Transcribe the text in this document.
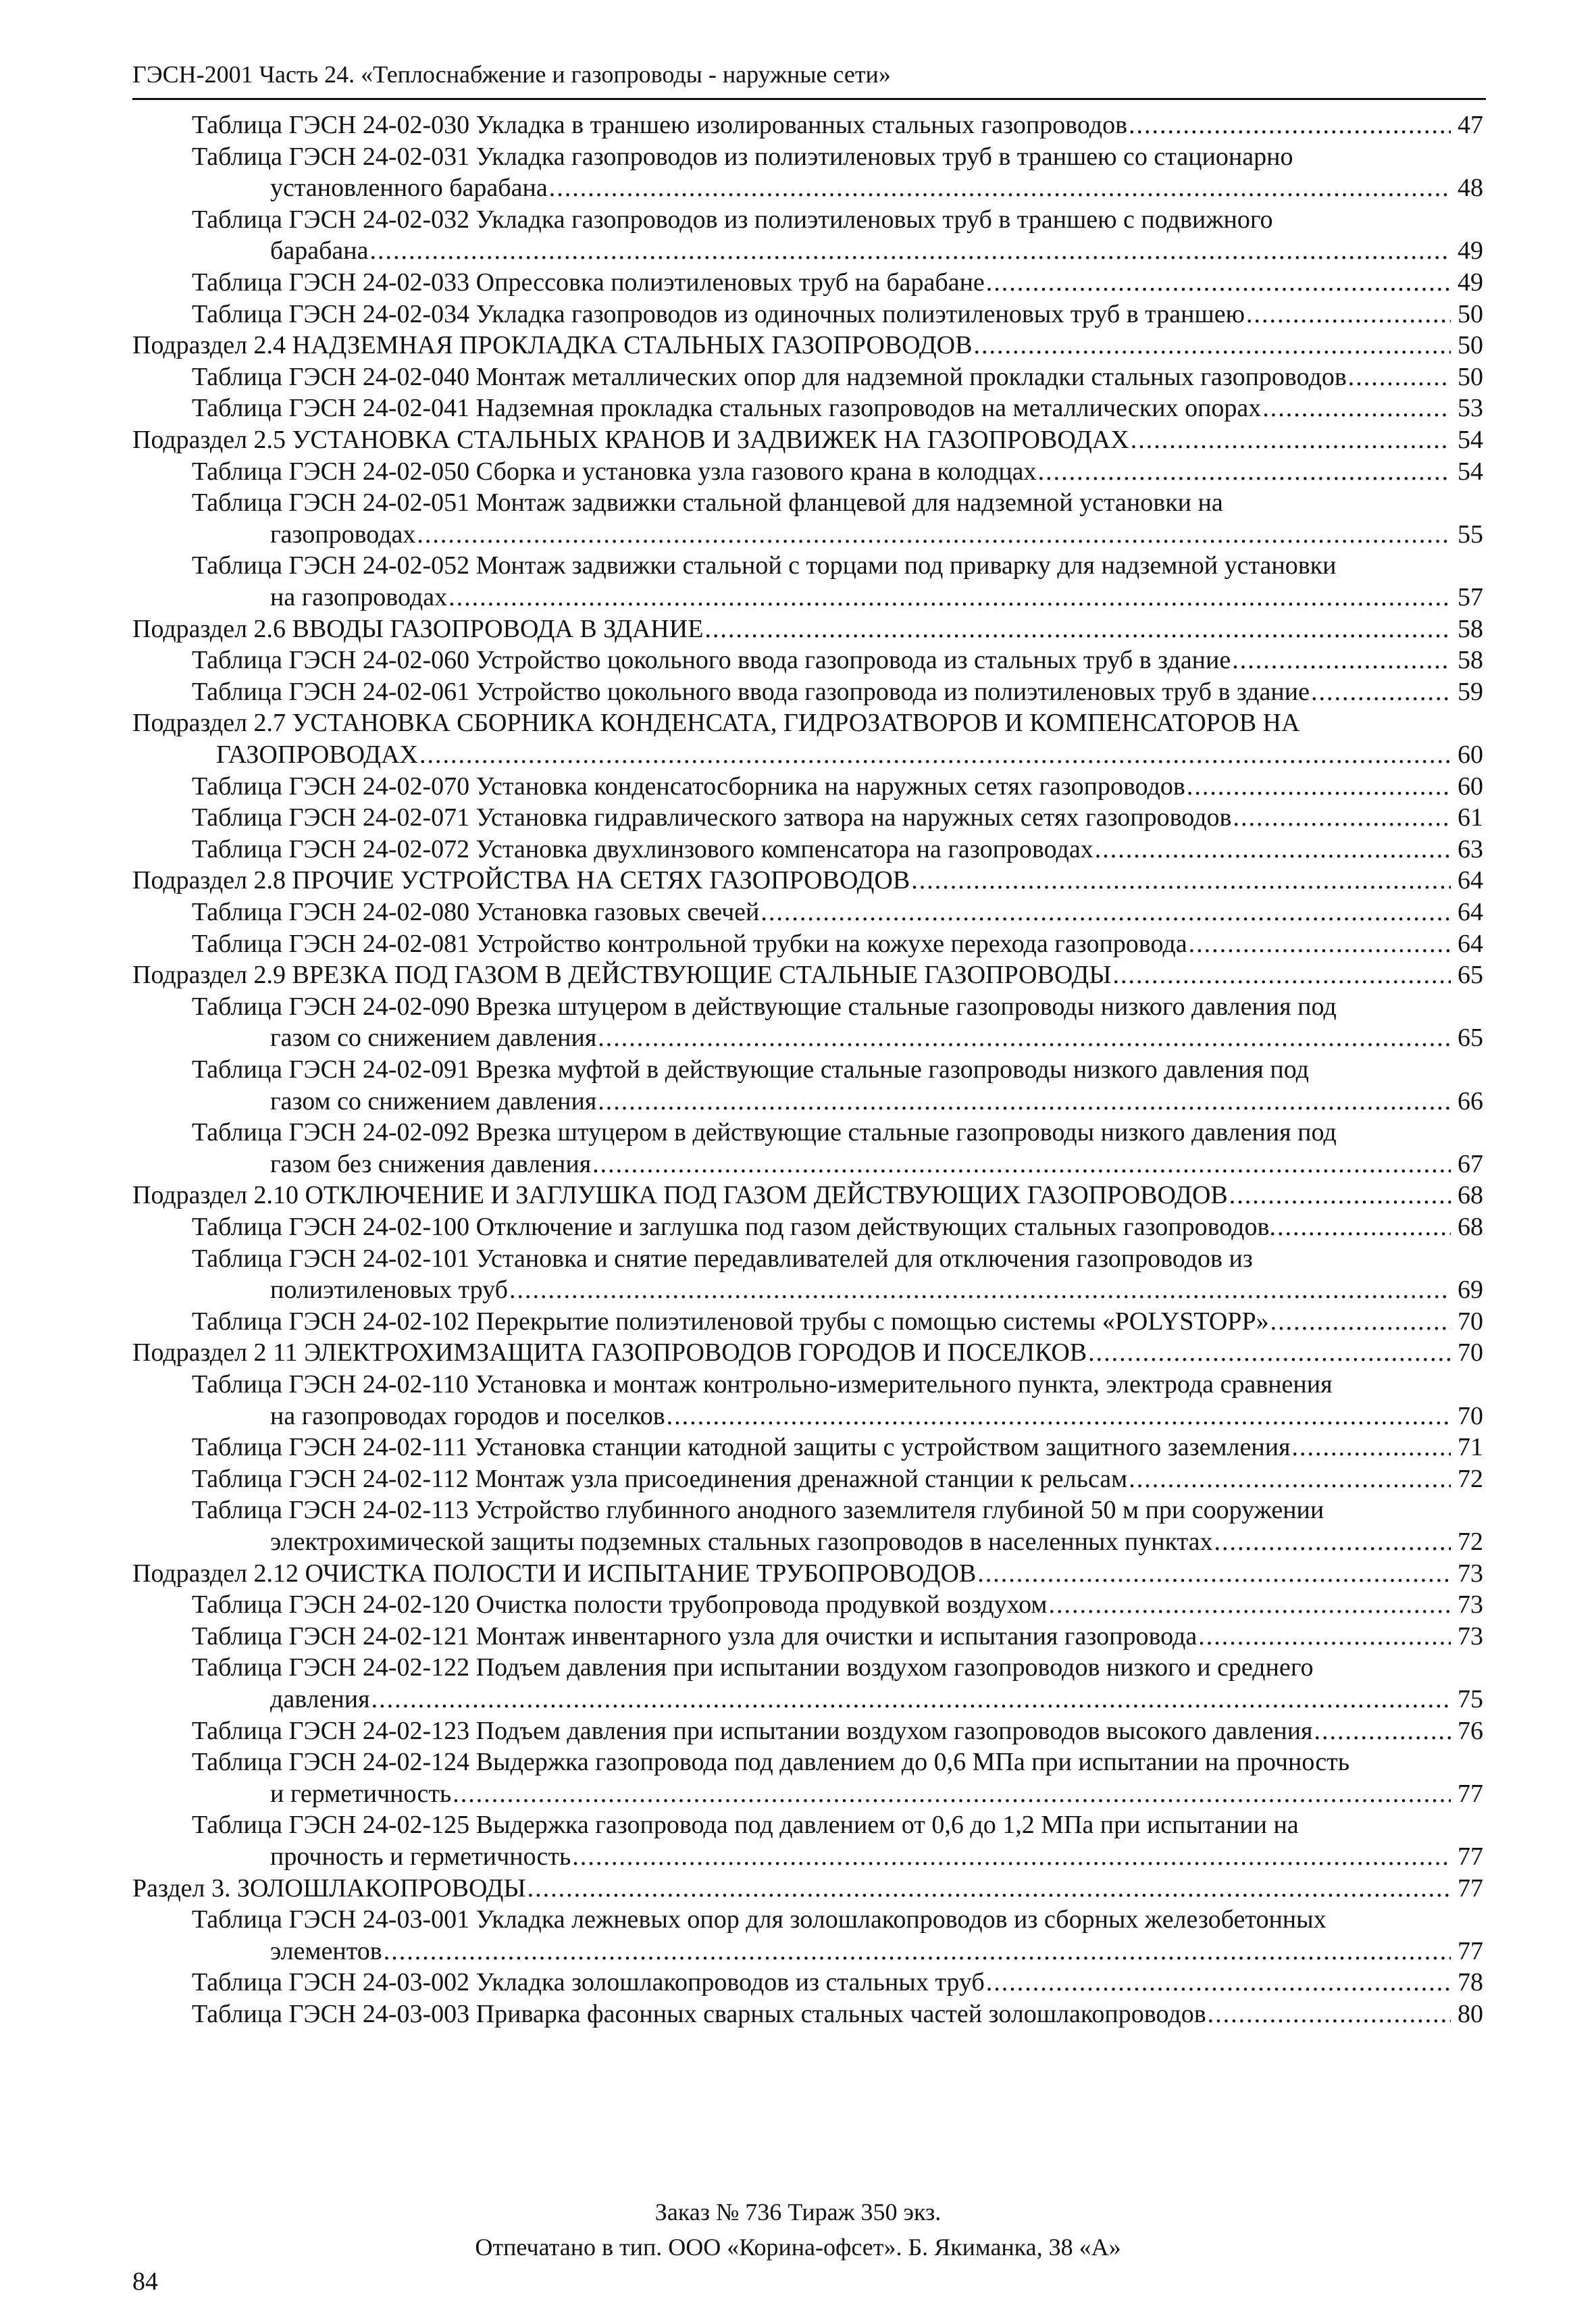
ГЭСН-2001 Часть 24. «Теплоснабжение и газопроводы - наружные сети»
Таблица ГЭСН 24-02-030 Укладка в траншею изолированных стальных газопроводов .....	47
Таблица ГЭСН 24-02-031 Укладка газопроводов из полиэтиленовых труб в траншею со стационарно
установленного барабана .....	48
Таблица ГЭСН 24-02-032 Укладка газопроводов из полиэтиленовых труб в траншею с подвижного
барабана .....	49
Таблица ГЭСН 24-02-033 Опрессовка полиэтиленовых труб на барабане .....	49
Таблица ГЭСН 24-02-034 Укладка газопроводов из одиночных полиэтиленовых труб в траншею .....	50
Подраздел 2.4 НАДЗЕМНАЯ ПРОКЛАДКА СТАЛЬНЫХ ГАЗОПРОВОДОВ .....	50
Таблица ГЭСН 24-02-040 Монтаж металлических опор для надземной прокладки стальных газопроводов .....	50
Таблица ГЭСН 24-02-041 Надземная прокладка стальных газопроводов на металлических опорах .....	53
Подраздел 2.5 УСТАНОВКА СТАЛЬНЫХ КРАНОВ И ЗАДВИЖЕК НА ГАЗОПРОВОДАХ .....	54
Таблица ГЭСН 24-02-050 Сборка и установка узла газового крана в колодцах .....	54
Таблица ГЭСН 24-02-051 Монтаж задвижки стальной фланцевой для надземной установки на
газопроводах .....	55
Таблица ГЭСН 24-02-052 Монтаж задвижки стальной с торцами под приварку для надземной установки
на газопроводах .....	57
Подраздел 2.6 ВВОДЫ ГАЗОПРОВОДА В ЗДАНИЕ .....	58
Таблица ГЭСН 24-02-060 Устройство цокольного ввода газопровода из стальных труб в здание .....	58
Таблица ГЭСН 24-02-061 Устройство цокольного ввода газопровода из полиэтиленовых труб в здание .....	59
Подраздел 2.7 УСТАНОВКА СБОРНИКА КОНДЕНСАТА, ГИДРОЗАТВОРОВ И КОМПЕНСАТОРОВ НА
ГАЗОПРОВОДАХ .....	60
Таблица ГЭСН 24-02-070 Установка конденсатосборника на наружных сетях газопроводов .....	60
Таблица ГЭСН 24-02-071 Установка гидравлического затвора на наружных сетях газопроводов .....	61
Таблица ГЭСН 24-02-072 Установка двухлинзового компенсатора на газопроводах .....	63
Подраздел 2.8 ПРОЧИЕ УСТРОЙСТВА НА СЕТЯХ ГАЗОПРОВОДОВ .....	64
Таблица ГЭСН 24-02-080 Установка газовых свечей .....	64
Таблица ГЭСН 24-02-081 Устройство контрольной трубки на кожухе перехода газопровода .....	64
Подраздел 2.9 ВРЕЗКА ПОД ГАЗОМ В ДЕЙСТВУЮЩИЕ СТАЛЬНЫЕ ГАЗОПРОВОДЫ .....	65
Таблица ГЭСН 24-02-090 Врезка штуцером в действующие стальные газопроводы низкого давления под
газом со снижением давления .....	65
Таблица ГЭСН 24-02-091 Врезка муфтой в действующие стальные газопроводы низкого давления под
газом со снижением давления .....	66
Таблица ГЭСН 24-02-092 Врезка штуцером в действующие стальные газопроводы низкого давления под
газом без снижения давления .....	67
Подраздел 2.10 ОТКЛЮЧЕНИЕ И ЗАГЛУШКА ПОД ГАЗОМ ДЕЙСТВУЮЩИХ ГАЗОПРОВОДОВ .....	68
Таблица ГЭСН 24-02-100 Отключение и заглушка под газом действующих стальных газопроводов. .....	68
Таблица ГЭСН 24-02-101 Установка и снятие передавливателей для отключения газопроводов из
полиэтиленовых труб .....	69
Таблица ГЭСН 24-02-102 Перекрытие полиэтиленовой трубы с помощью системы «POLYSTOPP» .....	70
Подраздел 2 11 ЭЛЕКТРОХИМЗАЩИТА ГАЗОПРОВОДОВ ГОРОДОВ И ПОСЕЛКОВ .....	70
Таблица ГЭСН 24-02-110 Установка и монтаж контрольно-измерительного пункта, электрода сравнения
на газопроводах городов и поселков .....	70
Таблица ГЭСН 24-02-111 Установка станции катодной защиты с устройством защитного заземления .....	71
Таблица ГЭСН 24-02-112 Монтаж узла присоединения дренажной станции к рельсам .....	72
Таблица ГЭСН 24-02-113 Устройство глубинного анодного заземлителя глубиной 50 м при сооружении
электрохимической защиты подземных стальных газопроводов в населенных пунктах .....	72
Подраздел 2.12 ОЧИСТКА ПОЛОСТИ И ИСПЫТАНИЕ ТРУБОПРОВОДОВ .....	73
Таблица ГЭСН 24-02-120 Очистка полости трубопровода продувкой воздухом .....	73
Таблица ГЭСН 24-02-121 Монтаж инвентарного узла для очистки и испытания газопровода .....	73
Таблица ГЭСН 24-02-122 Подъем давления при испытании воздухом газопроводов низкого и среднего
давления .....	75
Таблица ГЭСН 24-02-123 Подъем давления при испытании воздухом газопроводов высокого давления .....	76
Таблица ГЭСН 24-02-124 Выдержка газопровода под давлением до 0,6 МПа при испытании на прочность
и герметичность .....	77
Таблица ГЭСН 24-02-125 Выдержка газопровода под давлением от 0,6 до 1,2 МПа при испытании на
прочность и герметичность .....	77
Раздел 3. ЗОЛОШЛАКОПРОВОДЫ .....	77
Таблица ГЭСН 24-03-001 Укладка лежневых опор для золошлакопроводов из сборных железобетонных
элементов .....	77
Таблица ГЭСН 24-03-002 Укладка золошлакопроводов из стальных труб .....	78
Таблица ГЭСН 24-03-003 Приварка фасонных сварных стальных частей золошлакопроводов .....	80
Заказ № 736 Тираж 350 экз.
Отпечатано в тип. ООО «Корина-офсет». Б. Якиманка, 38 «А»
84
